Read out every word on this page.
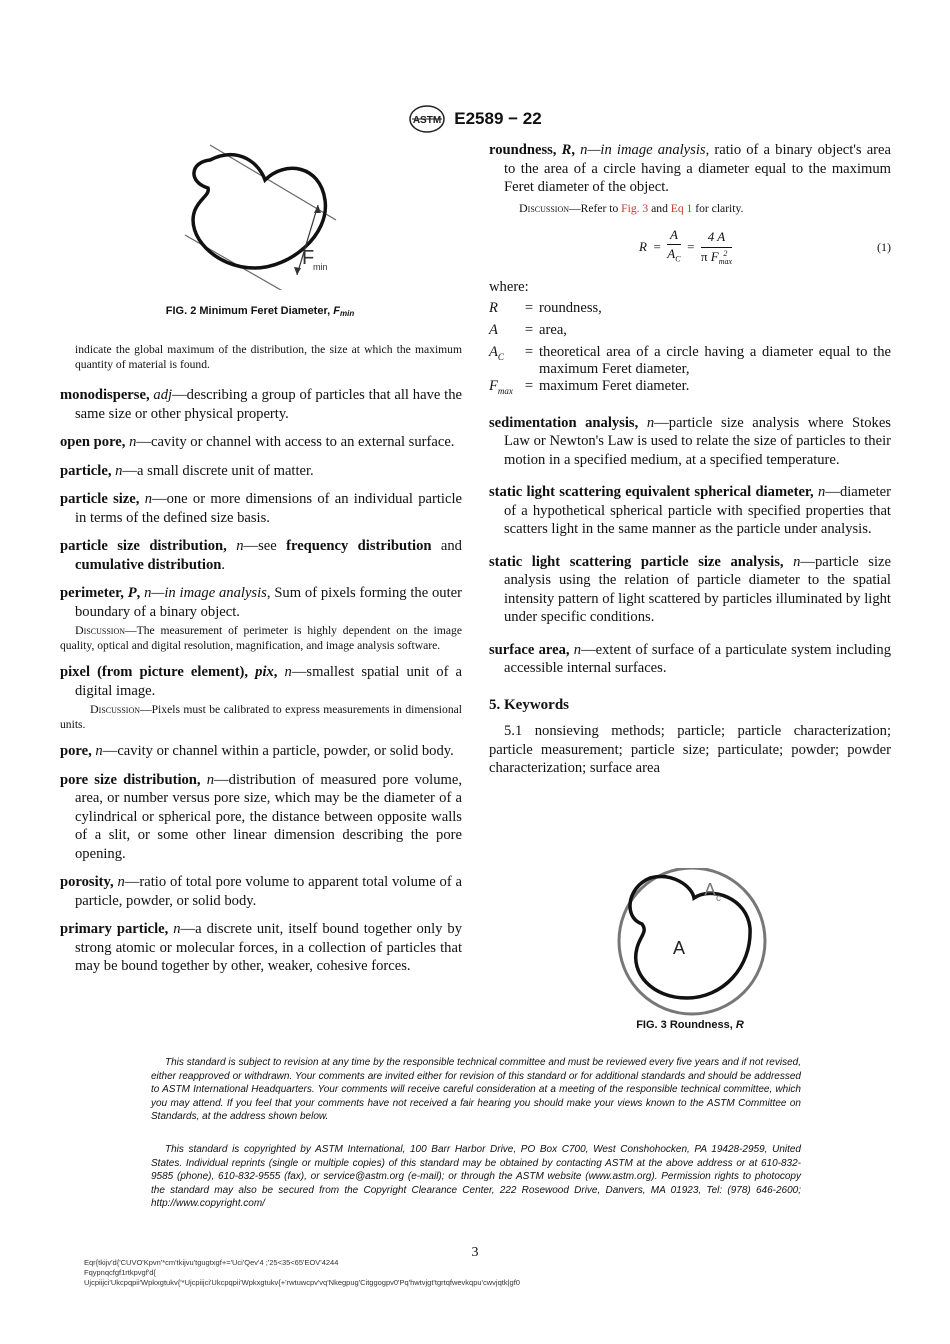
ASTM E2589 − 22
F
min
FIG. 2 Minimum Feret Diameter, Fmin

indicate the global maximum of the distribution, the size at which the maximum quantity of material is found.

monodisperse, adj—describing a group of particles that all have the same size or other physical property.

open pore, n—cavity or channel with access to an external surface.

particle, n—a small discrete unit of matter.

particle size, n—one or more dimensions of an individual particle in terms of the defined size basis.

particle size distribution, n—see frequency distribution and cumulative distribution.

perimeter, P, n—in image analysis, Sum of pixels forming the outer boundary of a binary object.

Discussion—The measurement of perimeter is highly dependent on the image quality, optical and digital resolution, magnification, and image analysis software.

pixel (from picture element), pix, n—smallest spatial unit of a digital image.

Discussion—Pixels must be calibrated to express measurements in dimensional units.

pore, n—cavity or channel within a particle, powder, or solid body.

pore size distribution, n—distribution of measured pore volume, area, or number versus pore size, which may be the diameter of a cylindrical or spherical pore, the distance between opposite walls of a slit, or some other linear dimension describing the pore opening.

porosity, n—ratio of total pore volume to apparent total volume of a particle, powder, or solid body.

primary particle, n—a discrete unit, itself bound together only by strong atomic or molecular forces, in a collection of particles that may be bound together by other, weaker, cohesive forces.

roundness, R, n—in image analysis, ratio of a binary object's area to the area of a circle having a diameter equal to the maximum Feret diameter of the object.

Discussion—Refer to Fig. 3 and Eq 1 for clarity.

$R = \frac{A}{A_C}$ =
4 A
π F 2
max
(1)

where:

R	=	roundness,
A	=	area,
$A_C$	=	theoretical area of a circle having a diameter equal to the maximum Feret diameter,
$F_{max}$	=	maximum Feret diameter.

sedimentation analysis, n—particle size analysis where Stokes Law or Newton's Law is used to relate the size of particles to their motion in a specified medium, at a specified temperature.

static light scattering equivalent spherical diameter, n—diameter of a hypothetical spherical particle with specified properties that scatters light in the same manner as the particle under analysis.

static light scattering particle size analysis, n—particle size analysis using the relation of particle diameter to the spatial intensity pattern of light scattered by particles illuminated by light under specific conditions.

surface area, n—extent of surface of a particulate system including accessible internal surfaces.

5. Keywords

5.1 nonsieving methods; particle; particle characterization; particle measurement; particle size; particulate; powder; powder characterization; surface area

A c
A
FIG. 3 Roundness, R
This standard is subject to revision at any time by the responsible technical committee and must be reviewed every five years and if not revised, either reapproved or withdrawn. Your comments are invited either for revision of this standard or for additional standards and should be addressed to ASTM International Headquarters. Your comments will receive careful consideration at a meeting of the responsible technical committee, which you may attend. If you feel that your comments have not received a fair hearing you should make your views known to the ASTM Committee on Standards, at the address shown below.
This standard is copyrighted by ASTM International, 100 Barr Harbor Drive, PO Box C700, West Conshohocken, PA 19428-2959, United States. Individual reprints (single or multiple copies) of this standard may be obtained by contacting ASTM at the above address or at 610-832-9585 (phone), 610-832-9555 (fax), or service@astm.org (e-mail); or through the ASTM website (www.astm.org). Permission rights to photocopy the standard may also be secured from the Copyright Clearance Center, 222 Rosewood Drive, Danvers, MA 01923, Tel: (978) 646-2600; http://www.copyright.com/
3
Eqr{tkijv'd{'CUVO'Kpvn'*cm'tkijvu'tgugtxgf+='Uci'Qev'4 ;'25<35<65'EOV'4244
Fqypnqcfgf1rtkpvgf'd{
Ujcpiijci'Ukcpqpii'Wpkxgtukv{'*Ujcpiijci'Ukcpqpii'Wpkxgtukv{+'rwtuwcpv'vq'Nkegpug'Citggogpv0'Pq'hwtvjgt'tgrtqfwevkqpu'cwvjqtk|gf0
